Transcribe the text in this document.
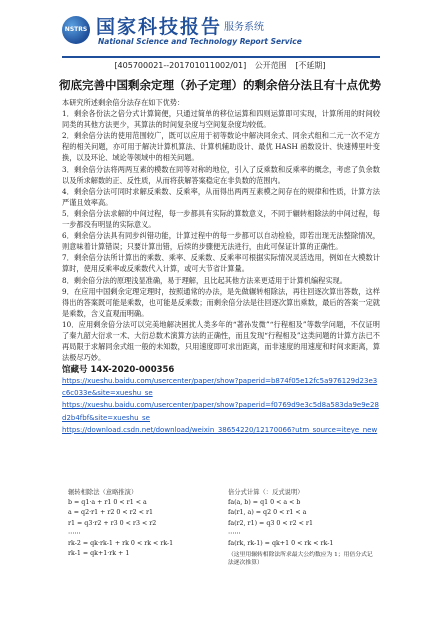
NSTRS 国家科技报告 服务系统
National Science and Technology Report Service
[405700021--201701011002/01] 公开范围 [不延期]
彻底完善中国剩余定理（孙子定理）的剩余倍分法且有十点优势

本研究所述剩余倍分法存在如下优势：

1．剩余各份法之倍分式计算简便，只通过简单的移位运算和四则运算即可实现，计算所用的时间较同类的其他方法更少，其算法的时间复杂度与空间复杂度均较低。

2．剩余倍分法的使用范围较广，既可以应用于初等数论中解决同余式、同余式组和二元一次不定方程的相关问题，亦可用于解决计算机算法、计算机辅助设计、最优 HASH 函数设计、快速傅里叶变换，以及环论、域论等领域中的相关问题。

3．剩余倍分法将两两互素的模数在同等对称的地位，引入了反乘数和反乘率的概念，考虑了负余数以及所求解数的正、反性质，从而将获解答案稳定在非负数的范围内。

4．剩余倍分法可同时求解反乘数、反乘率，从而得出两两互素模之间存在的规律和性质，计算方法严谨且效率高。

5．剩余倍分法求解的中间过程，每一步都具有实际的算数意义，不同于辗转相除法的中间过程，每一步都没有明显的实际意义。

6．剩余倍分法具有同步纠错功能，计算过程中的每一步都可以自动检验，即若出现无法整除情况，则意味着计算错误；只要计算出错，后续的步骤便无法进行，由此可保证计算的正确性。

7．剩余倍分法所计算出的乘数、乘率、反乘数、反乘率可根据实际情况灵活选用，例如在大模数计算时，使用反乘率或反乘数代入计算，或可大节省计算量。

8．剩余倍分法的原理浅显准确，易于理解，且比起其他方法来更适用于计算机编程实现。

9．在应用中国剩余定理定理时，按照通常的办法，是先做辗转相除法，再往回逐次算出答数，这样得出的答案既可能是乘数，也可能是反乘数；而剩余倍分法是往回逐次算出乘数，最后的答案一定就是乘数，含义直观而明确。

10．应用剩余倍分法可以完美地解决困扰人类多年的“著孙发微”“行程相及”等数学问题，不仅证明了秦九韶大衍求一术、大衍总数术演算方法的正确性，而且发现“行程相及”这类问题的计算方法已不再局限于求解同余式组一般的未知数，只用速度即可求出距离，而非速度的用速度和时间求距离，算法极尽巧妙。

馆藏号 14X-2020-000356

https://xueshu.baidu.com/usercenter/paper/show?paperid=b874f05e12fc5a976129d23e3c6c033e&site=xueshu_se

https://xueshu.baidu.com/usercenter/paper/show?paperid=f0769d9e3c5d8a583da9e9e28d2b4fbf&site=xueshu_se

https://download.csdn.net/download/weixin_38654220/12170066?utm_source=iteye_new

辗转相除法（意略推演）
b = q1·a + r1 0 < r1 < a
a = q2·r1 + r2 0 < r2 < r1
r1 = q3·r2 + r3 0 < r3 < r2
⋯⋯
rk-2 = qk·rk-1 + rk 0 < rk < rk-1
rk-1 = qk+1·rk + 1
倍分式计算（：反式说明）
fa(a, b) = q1 0 < a < b
fa(r1, a) = q2 0 < r1 < a
fa(r2, r1) = q3 0 < r2 < r1
⋯⋯
fa(rk, rk-1) = qk+1 0 < rk < rk-1
（这里用辗转相除法所求最大公约数应为 1；用倍分式记法逐次推算）
